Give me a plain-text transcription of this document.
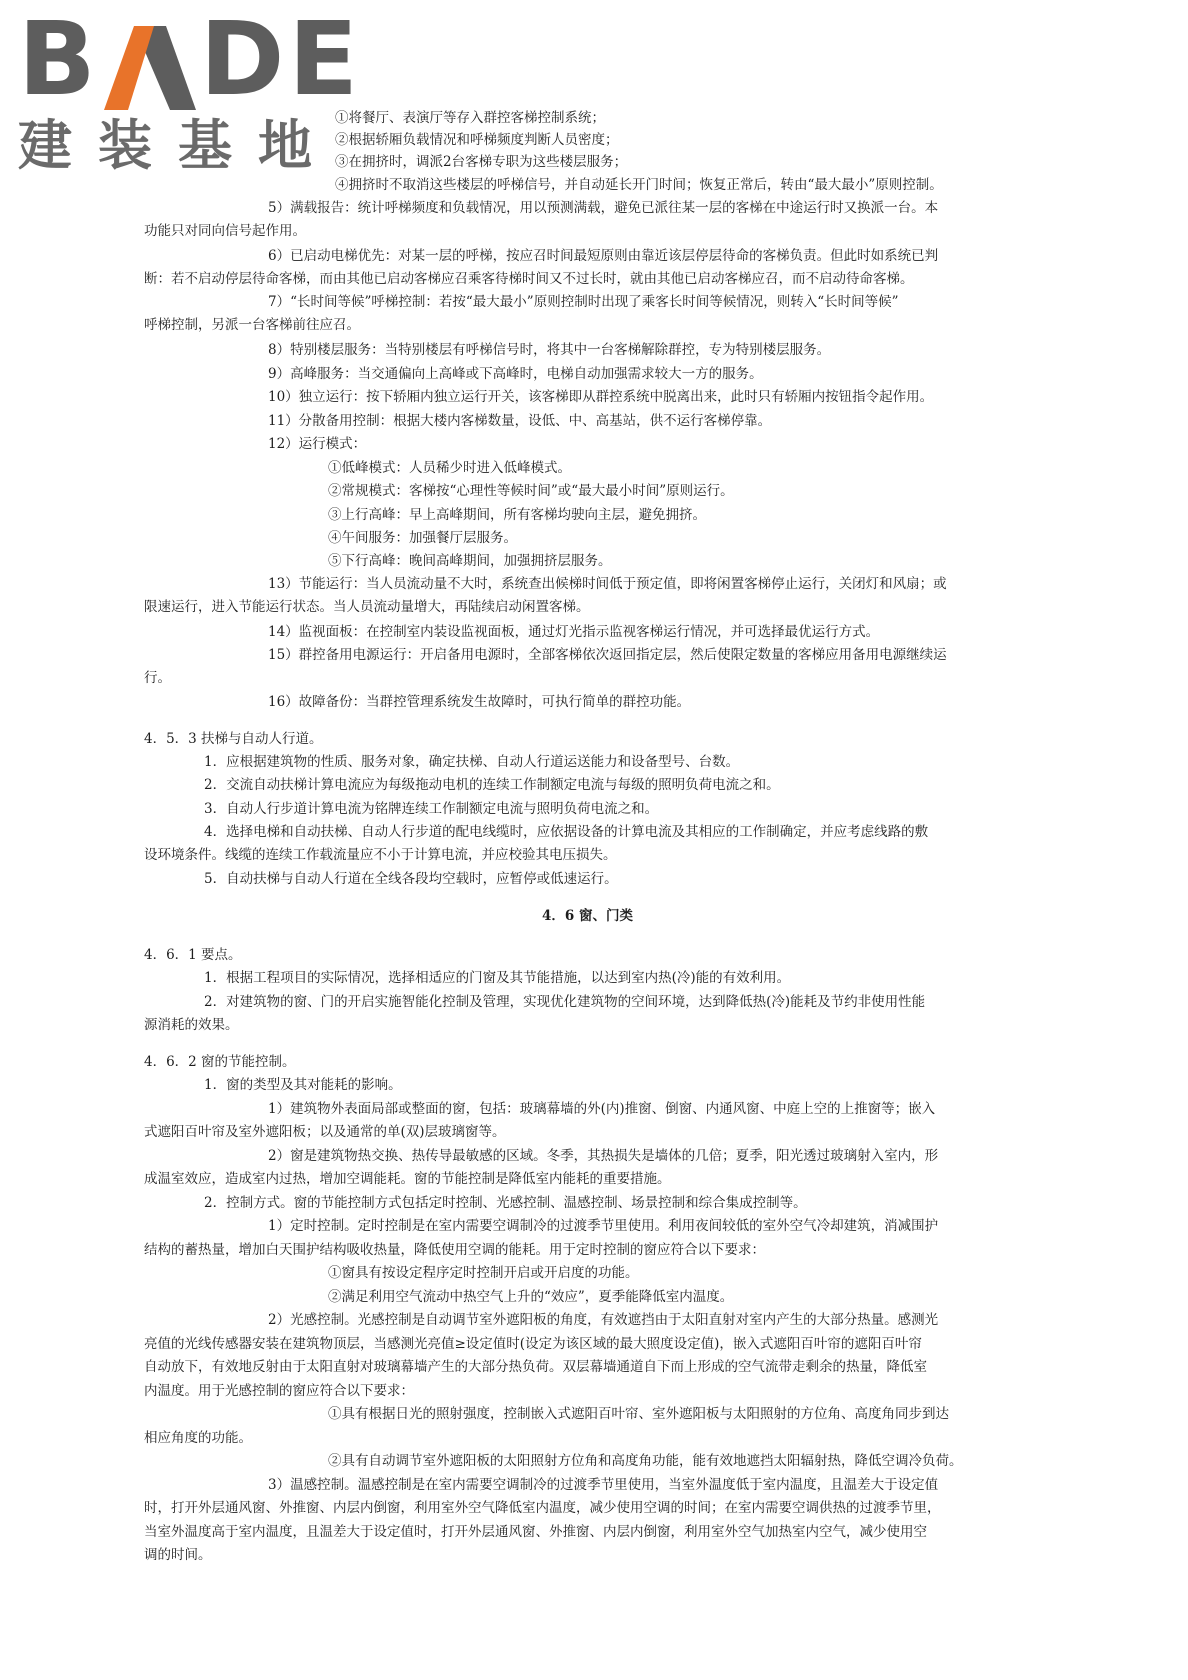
B DE
建装基地
①将餐厅、表演厅等存入群控客梯控制系统；
②根据轿厢负载情况和呼梯频度判断人员密度；
③在拥挤时，调派2台客梯专职为这些楼层服务；
④拥挤时不取消这些楼层的呼梯信号，并自动延长开门时间；恢复正常后，转由“最大最小”原则控制。
5）满载报告：统计呼梯频度和负载情况，用以预测满载，避免已派往某一层的客梯在中途运行时又换派一台。本
功能只对同向信号起作用。
6）已启动电梯优先：对某一层的呼梯，按应召时间最短原则由靠近该层停层待命的客梯负责。但此时如系统已判
断：若不启动停层待命客梯，而由其他已启动客梯应召乘客待梯时间又不过长时，就由其他已启动客梯应召，而不启动待命客梯。
7）“长时间等候”呼梯控制：若按“最大最小”原则控制时出现了乘客长时间等候情况，则转入“长时间等候”
呼梯控制，另派一台客梯前往应召。
8）特别楼层服务：当特别楼层有呼梯信号时，将其中一台客梯解除群控，专为特别楼层服务。
9）高峰服务：当交通偏向上高峰或下高峰时，电梯自动加强需求较大一方的服务。
10）独立运行：按下轿厢内独立运行开关，该客梯即从群控系统中脱离出来，此时只有轿厢内按钮指令起作用。
11）分散备用控制：根据大楼内客梯数量，设低、中、高基站，供不运行客梯停靠。
12）运行模式：
①低峰模式：人员稀少时进入低峰模式。
②常规模式：客梯按“心理性等候时间”或“最大最小时间”原则运行。
③上行高峰：早上高峰期间，所有客梯均驶向主层，避免拥挤。
④午间服务：加强餐厅层服务。
⑤下行高峰：晚间高峰期间，加强拥挤层服务。
13）节能运行：当人员流动量不大时，系统查出候梯时间低于预定值，即将闲置客梯停止运行，关闭灯和风扇；或
限速运行，进入节能运行状态。当人员流动量增大，再陆续启动闲置客梯。
14）监视面板：在控制室内装设监视面板，通过灯光指示监视客梯运行情况，并可选择最优运行方式。
15）群控备用电源运行：开启备用电源时，全部客梯依次返回指定层，然后使限定数量的客梯应用备用电源继续运
行。
16）故障备份：当群控管理系统发生故障时，可执行简单的群控功能。
4．5．3 扶梯与自动人行道。
1．应根据建筑物的性质、服务对象，确定扶梯、自动人行道运送能力和设备型号、台数。
2．交流自动扶梯计算电流应为每级拖动电机的连续工作制额定电流与每级的照明负荷电流之和。
3．自动人行步道计算电流为铭牌连续工作制额定电流与照明负荷电流之和。
4．选择电梯和自动扶梯、自动人行步道的配电线缆时，应依据设备的计算电流及其相应的工作制确定，并应考虑线路的敷
设环境条件。线缆的连续工作载流量应不小于计算电流，并应校验其电压损失。
5．自动扶梯与自动人行道在全线各段均空载时，应暂停或低速运行。
4．6 窗、门类
4．6．1 要点。
1．根据工程项目的实际情况，选择相适应的门窗及其节能措施，以达到室内热(冷)能的有效利用。
2．对建筑物的窗、门的开启实施智能化控制及管理，实现优化建筑物的空间环境，达到降低热(冷)能耗及节约非使用性能
源消耗的效果。
4．6．2 窗的节能控制。
1．窗的类型及其对能耗的影响。
1）建筑物外表面局部或整面的窗，包括：玻璃幕墙的外(内)推窗、倒窗、内通风窗、中庭上空的上推窗等；嵌入
式遮阳百叶帘及室外遮阳板；以及通常的单(双)层玻璃窗等。
2）窗是建筑物热交换、热传导最敏感的区域。冬季，其热损失是墙体的几倍；夏季，阳光透过玻璃射入室内，形
成温室效应，造成室内过热，增加空调能耗。窗的节能控制是降低室内能耗的重要措施。
2．控制方式。窗的节能控制方式包括定时控制、光感控制、温感控制、场景控制和综合集成控制等。
1）定时控制。定时控制是在室内需要空调制冷的过渡季节里使用。利用夜间较低的室外空气冷却建筑，消减围护
结构的蓄热量，增加白天围护结构吸收热量，降低使用空调的能耗。用于定时控制的窗应符合以下要求：
①窗具有按设定程序定时控制开启或开启度的功能。
②满足利用空气流动中热空气上升的“效应”，夏季能降低室内温度。
2）光感控制。光感控制是自动调节室外遮阳板的角度，有效遮挡由于太阳直射对室内产生的大部分热量。感测光
亮值的光线传感器安装在建筑物顶层，当感测光亮值≥设定值时(设定为该区域的最大照度设定值)，嵌入式遮阳百叶帘的遮阳百叶帘
自动放下，有效地反射由于太阳直射对玻璃幕墙产生的大部分热负荷。双层幕墙通道自下而上形成的空气流带走剩余的热量，降低室
内温度。用于光感控制的窗应符合以下要求：
①具有根据日光的照射强度，控制嵌入式遮阳百叶帘、室外遮阳板与太阳照射的方位角、高度角同步到达
相应角度的功能。
②具有自动调节室外遮阳板的太阳照射方位角和高度角功能，能有效地遮挡太阳辐射热，降低空调冷负荷。
3）温感控制。温感控制是在室内需要空调制冷的过渡季节里使用，当室外温度低于室内温度，且温差大于设定值
时，打开外层通风窗、外推窗、内层内倒窗，利用室外空气降低室内温度，减少使用空调的时间；在室内需要空调供热的过渡季节里，
当室外温度高于室内温度，且温差大于设定值时，打开外层通风窗、外推窗、内层内倒窗，利用室外空气加热室内空气，减少使用空
调的时间。
